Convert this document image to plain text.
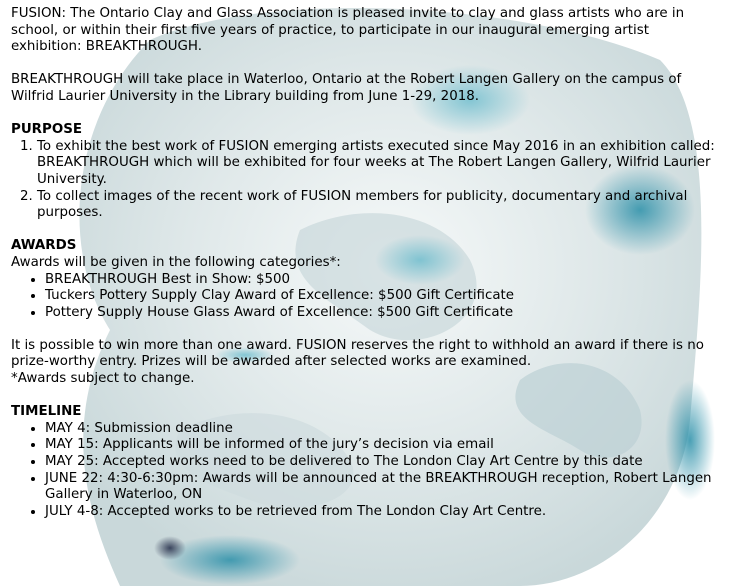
FUSION: The Ontario Clay and Glass Association is pleased invite to clay and glass artists who are in school, or within their first five years of practice, to participate in our inaugural emerging artist exhibition: BREAKTHROUGH.

BREAKTHROUGH will take place in Waterloo, Ontario at the Robert Langen Gallery on the campus of Wilfrid Laurier University in the Library building from June 1-29, 2018.

PURPOSE
1. To exhibit the best work of FUSION emerging artists executed since May 2016 in an exhibition called: BREAKTHROUGH which will be exhibited for four weeks at The Robert Langen Gallery, Wilfrid Laurier University.
2. To collect images of the recent work of FUSION members for publicity, documentary and archival purposes.
AWARDS

Awards will be given in the following categories*:

• BREAKTHROUGH Best in Show: $500
• Tuckers Pottery Supply Clay Award of Excellence: $500 Gift Certificate
• Pottery Supply House Glass Award of Excellence: $500 Gift Certificate

It is possible to win more than one award. FUSION reserves the right to withhold an award if there is no prize-worthy entry. Prizes will be awarded after selected works are examined.

*Awards subject to change.

TIMELINE
• MAY 4: Submission deadline
• MAY 15: Applicants will be informed of the jury’s decision via email
• MAY 25: Accepted works need to be delivered to The London Clay Art Centre by this date
• JUNE 22: 4:30-6:30pm: Awards will be announced at the BREAKTHROUGH reception, Robert Langen Gallery in Waterloo, ON
• JULY 4-8: Accepted works to be retrieved from The London Clay Art Centre.
